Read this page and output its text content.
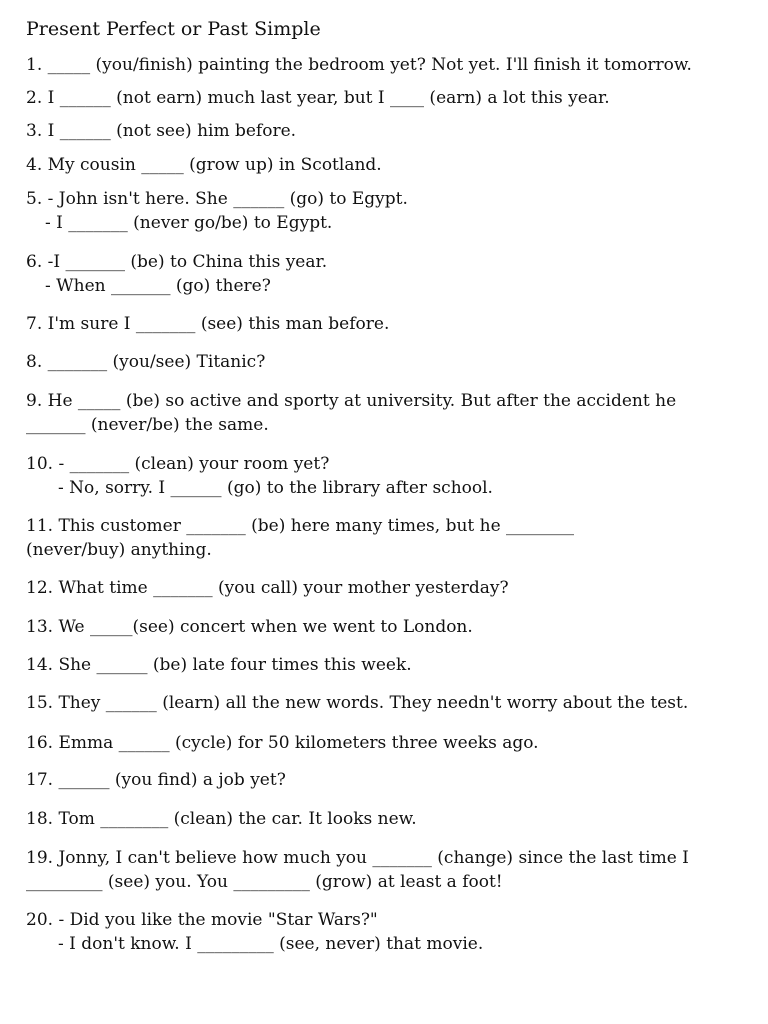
Present Perfect or Past Simple
1. _____ (you/finish) painting the bedroom yet? Not yet. I'll finish it tomorrow.
2. I ______ (not earn) much last year, but I ____ (earn) a lot this year.
3. I ______ (not see) him before.
4. My cousin _____ (grow up) in Scotland.
5. - John isn't here. She ______ (go) to Egypt.
- I _______ (never go/be) to Egypt.
6. -I _______ (be) to China this year.
- When _______ (go) there?
7. I'm sure I _______ (see) this man before.
8. _______ (you/see) Titanic?
9. He _____ (be) so active and sporty at university. But after the accident he
_______ (never/be) the same.
10. - _______ (clean) your room yet?
- No, sorry. I ______ (go) to the library after school.
11. This customer _______ (be) here many times, but he ________
(never/buy) anything.
12. What time _______ (you call) your mother yesterday?
13. We _____(see) concert when we went to London.
14. She ______ (be) late four times this week.
15. They ______ (learn) all the new words. They needn't worry about the test.
16. Emma ______ (cycle) for 50 kilometers three weeks ago.
17. ______ (you find) a job yet?
18. Tom ________ (clean) the car. It looks new.
19. Jonny, I can't believe how much you _______ (change) since the last time I
_________ (see) you. You _________ (grow) at least a foot!
20. - Did you like the movie "Star Wars?"
- I don't know. I _________ (see, never) that movie.
